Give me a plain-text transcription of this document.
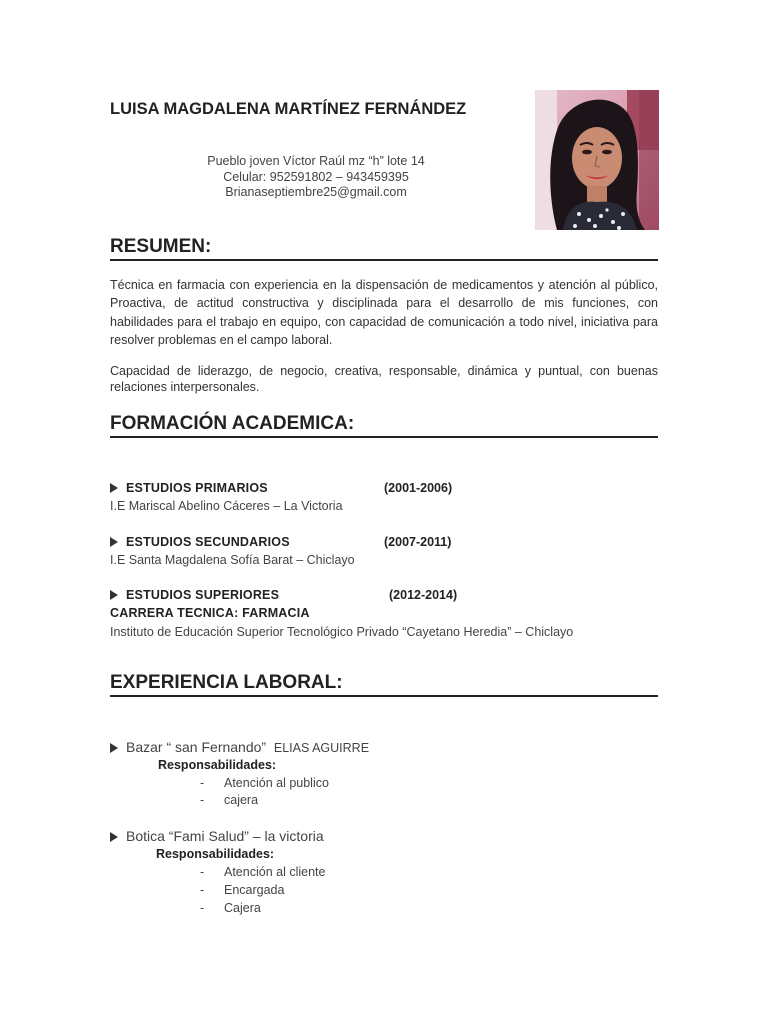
LUISA MAGDALENA MARTÍNEZ FERNÁNDEZ
Pueblo joven Víctor Raúl mz “h” lote 14
Celular: 952591802 – 943459395
Brianaseptiembre25@gmail.com
RESUMEN:
Técnica en farmacia con experiencia en la dispensación de medicamentos y atención al público, Proactiva, de actitud constructiva y disciplinada para el desarrollo de mis funciones, con habilidades para el trabajo en equipo, con capacidad de comunicación a todo nivel, iniciativa para resolver problemas en el campo laboral.
Capacidad de liderazgo, de negocio, creativa, responsable, dinámica y puntual, con buenas relaciones interpersonales.
FORMACIÓN ACADEMICA:
ESTUDIOS PRIMARIOS	(2001-2006)
I.E Mariscal Abelino Cáceres – La Victoria
ESTUDIOS SECUNDARIOS	(2007-2011)
I.E Santa Magdalena Sofía Barat – Chiclayo
ESTUDIOS SUPERIORES	(2012-2014)
CARRERA TECNICA: FARMACIA
Instituto de Educación Superior Tecnológico Privado “Cayetano Heredia” – Chiclayo
EXPERIENCIA LABORAL:
Bazar “ san Fernando” ELIAS AGUIRRE
Responsabilidades:
- Atención al publico
- cajera
Botica “Fami Salud” – la victoria
Responsabilidades:
- Atención al cliente
- Encargada
- Cajera
